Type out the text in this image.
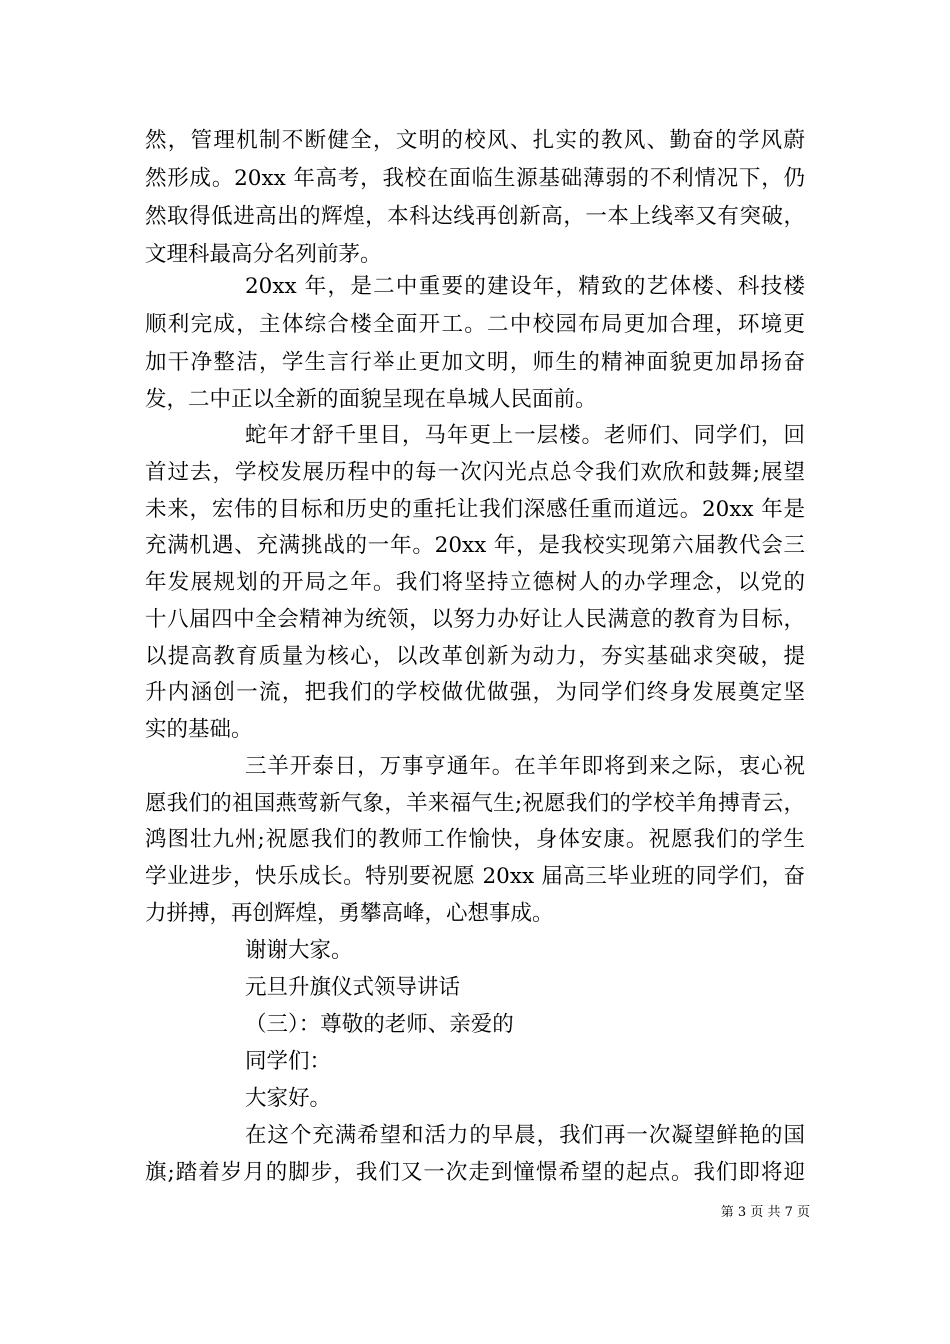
然，管理机制不断健全，文明的校风、扎实的教风、勤奋的学风蔚
然形成。20xx 年高考，我校在面临生源基础薄弱的不利情况下，仍
然取得低进高出的辉煌，本科达线再创新高，一本上线率又有突破，
文理科最高分名列前茅。
20xx 年，是二中重要的建设年，精致的艺体楼、科技楼
顺利完成，主体综合楼全面开工。二中校园布局更加合理，环境更
加干净整洁，学生言行举止更加文明，师生的精神面貌更加昂扬奋
发，二中正以全新的面貌呈现在阜城人民面前。
蛇年才舒千里目，马年更上一层楼。老师们、同学们，回
首过去，学校发展历程中的每一次闪光点总令我们欢欣和鼓舞;展望
未来，宏伟的目标和历史的重托让我们深感任重而道远。20xx 年是
充满机遇、充满挑战的一年。20xx 年，是我校实现第六届教代会三
年发展规划的开局之年。我们将坚持立德树人的办学理念，以党的
十八届四中全会精神为统领，以努力办好让人民满意的教育为目标，
以提高教育质量为核心，以改革创新为动力，夯实基础求突破，提
升内涵创一流，把我们的学校做优做强，为同学们终身发展奠定坚
实的基础。
三羊开泰日，万事亨通年。在羊年即将到来之际，衷心祝
愿我们的祖国燕莺新气象，羊来福气生;祝愿我们的学校羊角搏青云，
鸿图壮九州;祝愿我们的教师工作愉快，身体安康。祝愿我们的学生
学业进步，快乐成长。特别要祝愿 20xx 届高三毕业班的同学们，奋
力拼搏，再创辉煌，勇攀高峰，心想事成。
谢谢大家。
元旦升旗仪式领导讲话
（三）：尊敬的老师、亲爱的
同学们：
大家好。
在这个充满希望和活力的早晨，我们再一次凝望鲜艳的国
旗;踏着岁月的脚步，我们又一次走到憧憬希望的起点。我们即将迎
第 3 页 共 7 页
